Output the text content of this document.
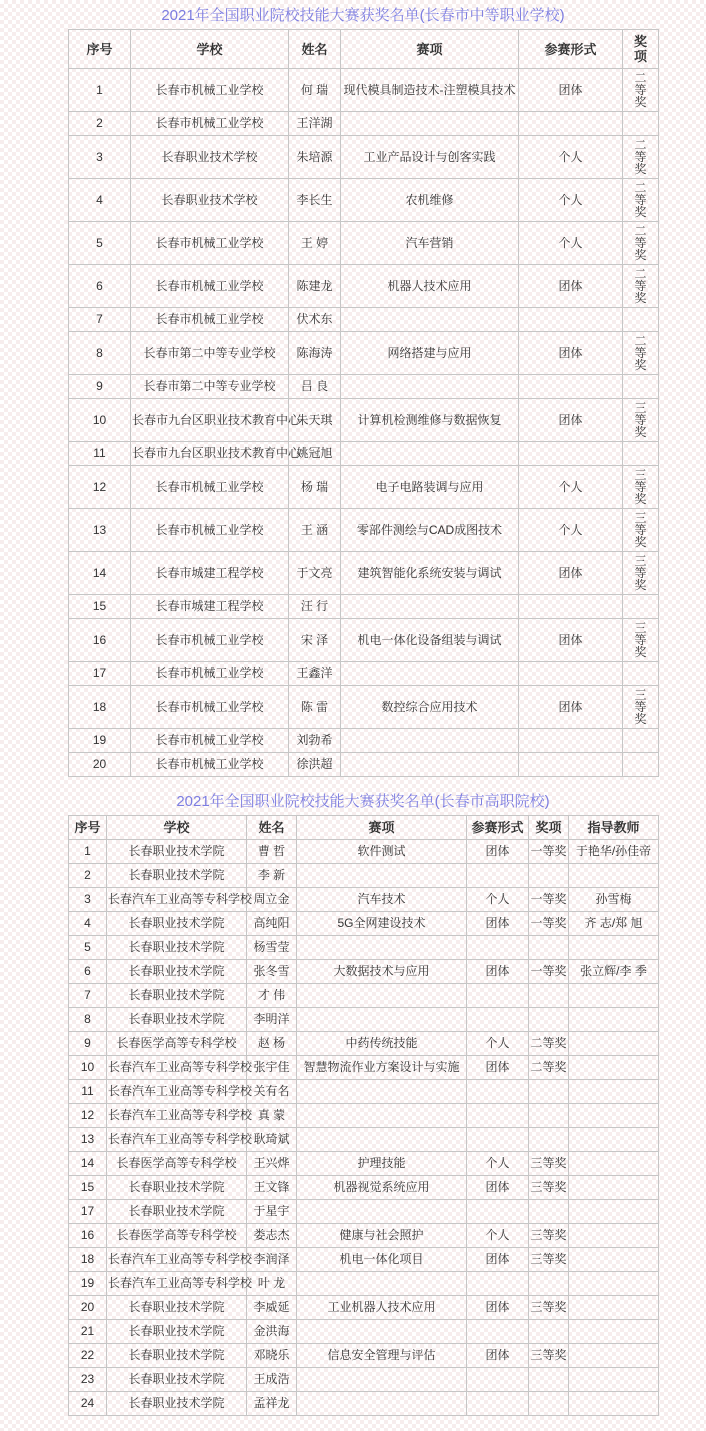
2021年全国职业院校技能大赛获奖名单(长春市中等职业学校)
序号	学校	姓名	赛项	参赛形式	奖项

1	长春市机械工业学校	何 瑞	现代模具制造技术-注塑模具技术	团体	二等奖

2	长春市机械工业学校	王洋湖			
3	长春职业技术学校	朱培源	工业产品设计与创客实践	个人	二等奖

4	长春职业技术学校	李长生	农机维修	个人	二等奖

5	长春市机械工业学校	王 婷	汽车营销	个人	二等奖

6	长春市机械工业学校	陈建龙	机器人技术应用	团体	二等奖

7	长春市机械工业学校	伏术东			
8	长春市第二中等专业学校	陈海涛	网络搭建与应用	团体	二等奖

9	长春市第二中等专业学校	吕 良			
10	长春市九台区职业技术教育中心	朱天琪	计算机检测维修与数据恢复	团体	三等奖

11	长春市九台区职业技术教育中心	姚冠旭			
12	长春市机械工业学校	杨 瑞	电子电路装调与应用	个人	三等奖

13	长春市机械工业学校	王 涵	零部件测绘与CAD成图技术	个人	三等奖

14	长春市城建工程学校	于文亮	建筑智能化系统安装与调试	团体	三等奖

15	长春市城建工程学校	汪 行			
16	长春市机械工业学校	宋 泽	机电一体化设备组装与调试	团体	三等奖

17	长春市机械工业学校	王鑫洋			
18	长春市机械工业学校	陈 雷	数控综合应用技术	团体	三等奖

19	长春市机械工业学校	刘勃希			
20	长春市机械工业学校	徐洪超			
2021年全国职业院校技能大赛获奖名单(长春市高职院校)
序号	学校	姓名	赛项	参赛形式	奖项	指导教师
1	长春职业技术学院	曹 哲	软件测试	团体	一等奖	于艳华/孙佳帝
2	长春职业技术学院	李 新				
3	长春汽车工业高等专科学校	周立金	汽车技术	个人	一等奖	孙雪梅
4	长春职业技术学院	高纯阳	5G全网建设技术	团体	一等奖	齐 志/郑 旭
5	长春职业技术学院	杨雪莹				
6	长春职业技术学院	张冬雪	大数据技术与应用	团体	一等奖	张立辉/李 季
7	长春职业技术学院	才 伟				
8	长春职业技术学院	李明洋				
9	长春医学高等专科学校	赵 杨	中药传统技能	个人	二等奖	
10	长春汽车工业高等专科学校	张宇佳	智慧物流作业方案设计与实施	团体	二等奖	
11	长春汽车工业高等专科学校	关有名				
12	长春汽车工业高等专科学校	真 蒙				
13	长春汽车工业高等专科学校	耿琦斌				
14	长春医学高等专科学校	王兴烨	护理技能	个人	三等奖	
15	长春职业技术学院	王文锋	机器视觉系统应用	团体	三等奖	
17	长春职业技术学院	于星宇				
16	长春医学高等专科学校	娄志杰	健康与社会照护	个人	三等奖	
18	长春汽车工业高等专科学校	李润泽	机电一体化项目	团体	三等奖	
19	长春汽车工业高等专科学校	叶 龙				
20	长春职业技术学院	李威延	工业机器人技术应用	团体	三等奖	
21	长春职业技术学院	金洪海				
22	长春职业技术学院	邓晓乐	信息安全管理与评估	团体	三等奖	
23	长春职业技术学院	王成浩				
24	长春职业技术学院	孟祥龙				
